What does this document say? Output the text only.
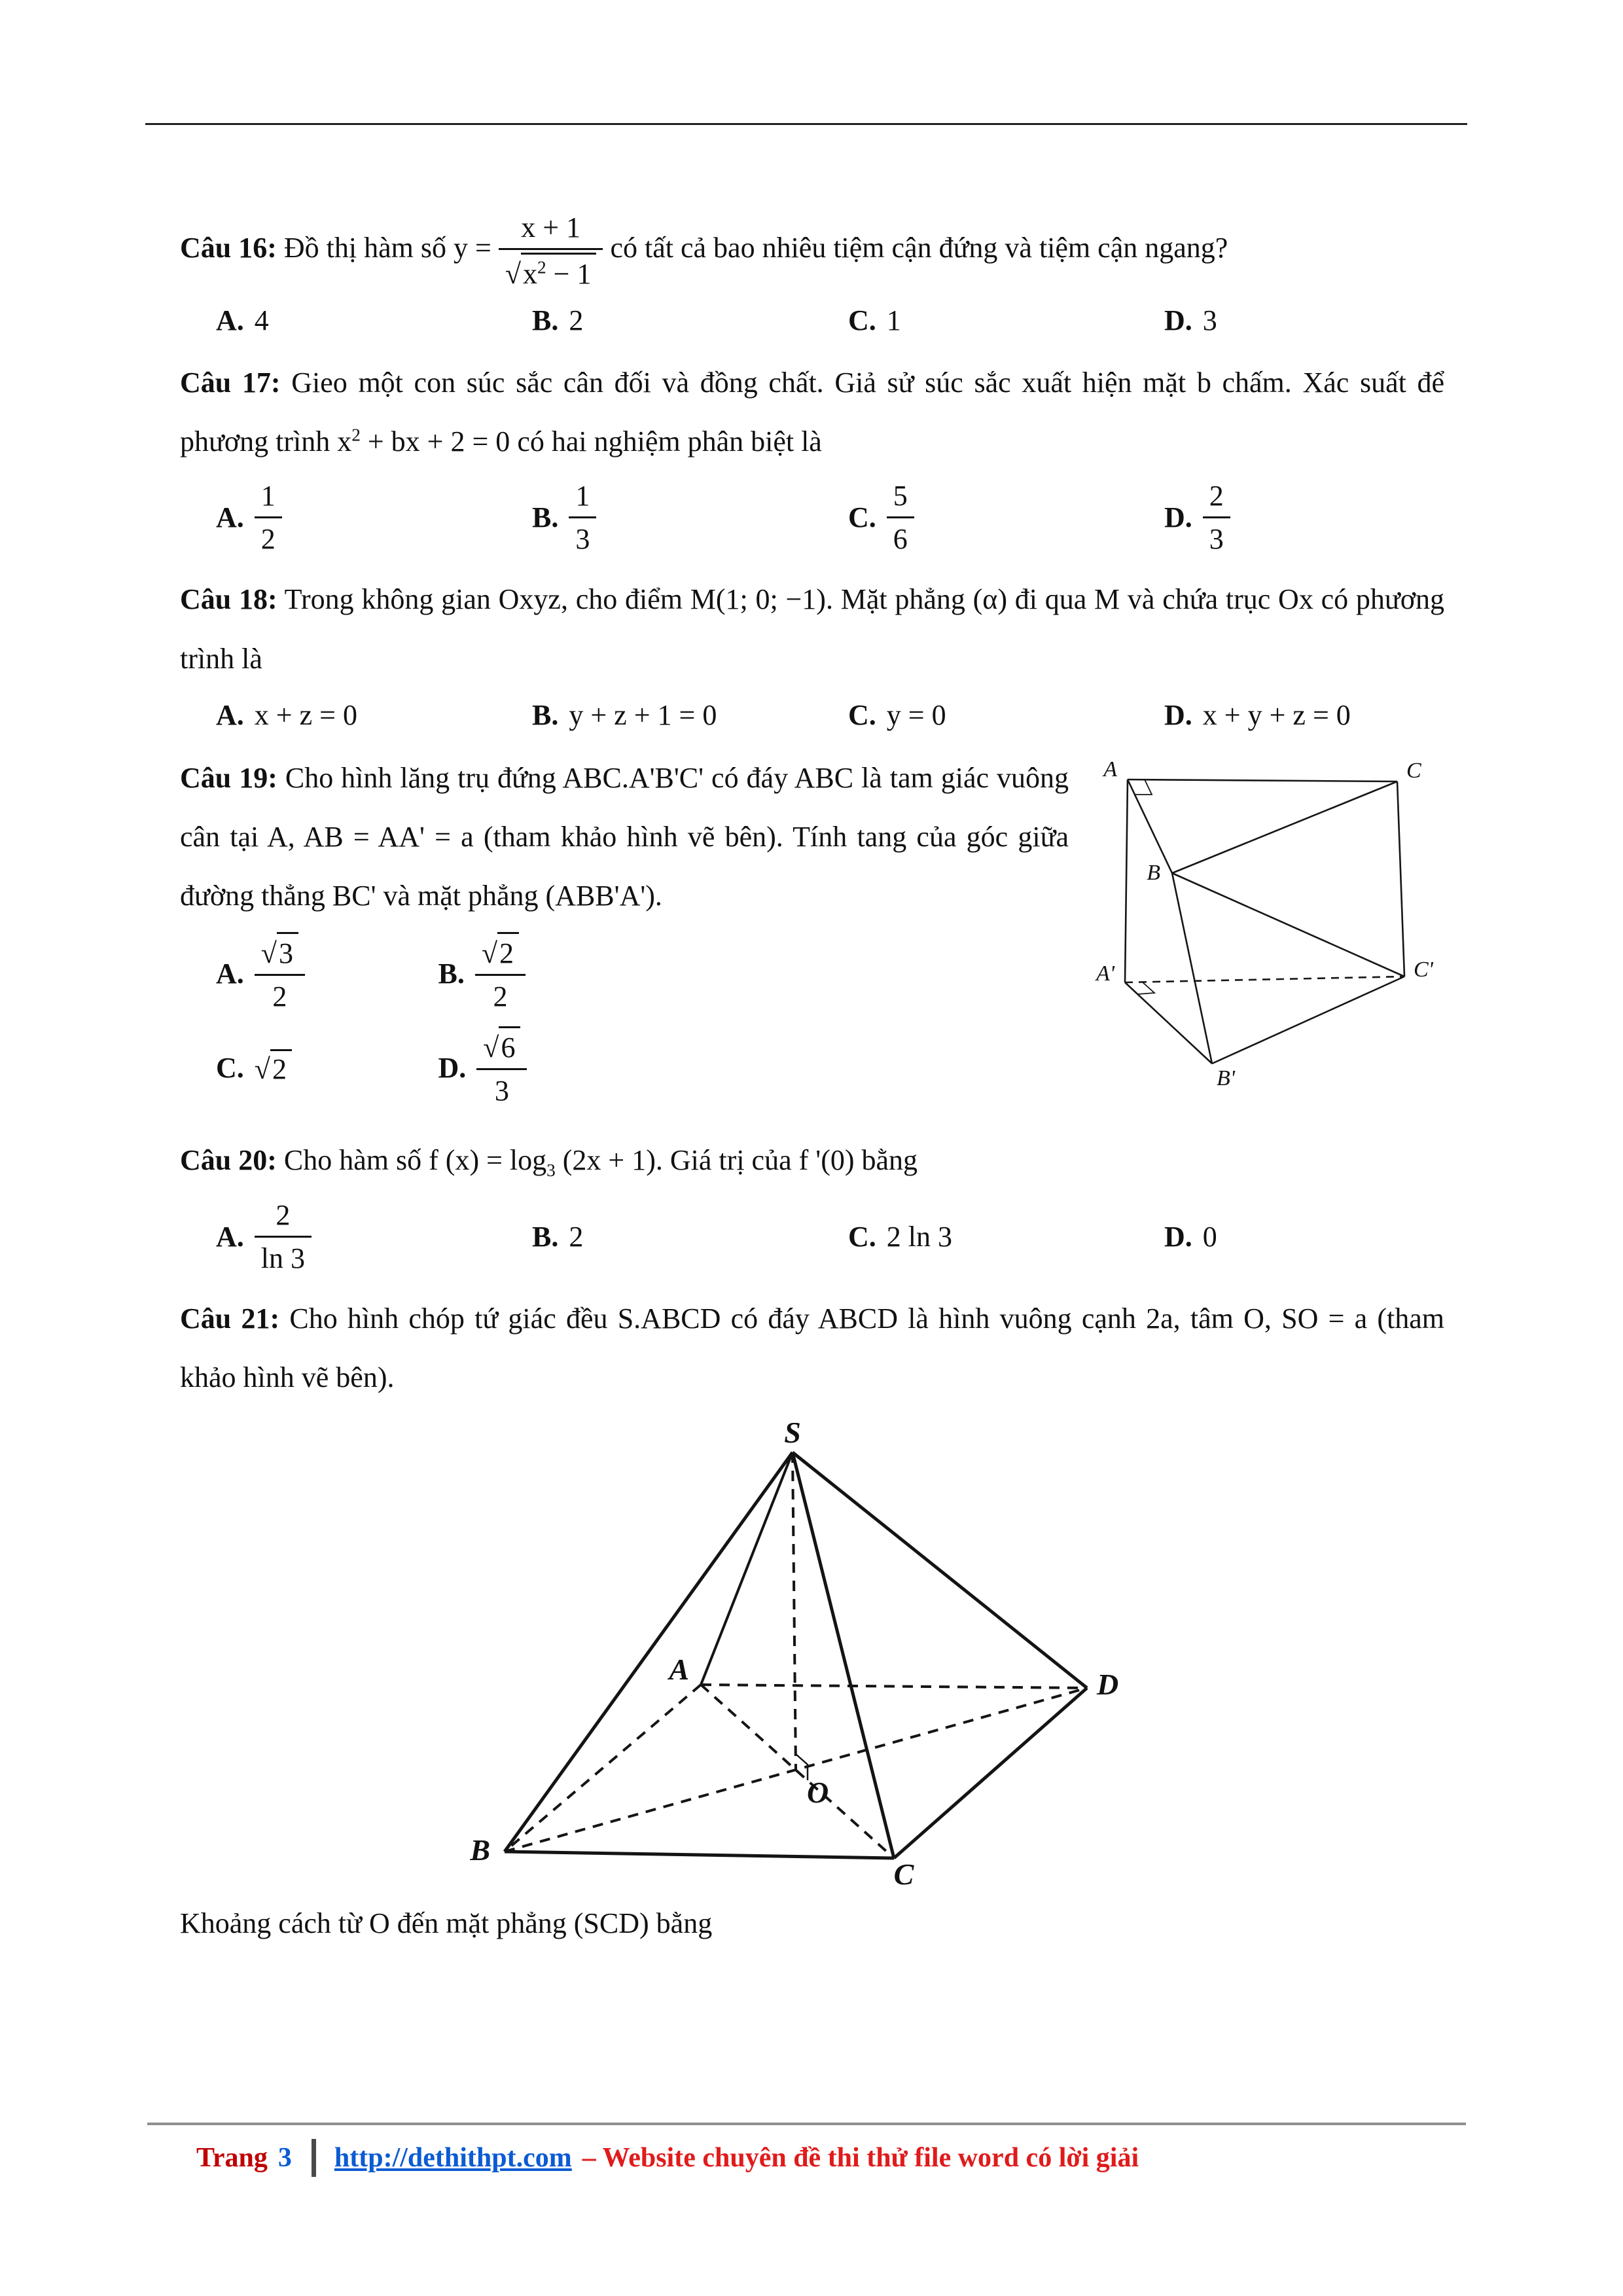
Câu 16: Đồ thị hàm số $y = \frac{x + 1}{√x^2 - 1}$ có tất cả bao nhiêu tiệm cận đứng và tiệm cận ngang?

A. 4	B. 2	C. 1	D. 3

Câu 17: Gieo một con súc sắc cân đối và đồng chất. Giả sử súc sắc xuất hiện mặt b chấm. Xác suất để phương trình $x^2$ + bx + 2 = 0 có hai nghiệm phân biệt là

A. $\frac{1}{2}$	B. $\frac{1}{3}$	C. $\frac{5}{6}$	D. $\frac{2}{3}$

Câu 18: Trong không gian Oxyz, cho điểm M(1; 0; −1). Mặt phẳng (α) đi qua M và chứa trục Ox có phương trình là

A. x + z = 0	B. y + z + 1 = 0	C. y = 0	D. x + y + z = 0
A	C
B
A'	C'
B'

Câu 19: Cho hình lăng trụ đứng ABC.A'B'C' có đáy ABC là tam giác vuông cân tại A, AB = AA' = a (tham khảo hình vẽ bên). Tính tang của góc giữa đường thẳng BC' và mặt phẳng (ABB'A').

A. $\frac{√3}{2}$	B. $\frac{√2}{2}$
C. √2	D. $\frac{√6}{3}$

Câu 20: Cho hàm số f $(x) = \log_3 (2x + 1)$. Giá trị của f '(0) bằng

A. $\frac{2}{\ln 3}$	B. 2	C. 2 ln 3	D. 0

Câu 21: Cho hình chóp tứ giác đều S.ABCD có đáy ABCD là hình vuông cạnh 2a, tâm O, SO = a (tham khảo hình vẽ bên).

S
A	D
O
B
C

Khoảng cách từ O đến mặt phẳng (SCD) bằng

Trang 3 http://dethithpt.com – Website chuyên đề thi thử file word có lời giải
